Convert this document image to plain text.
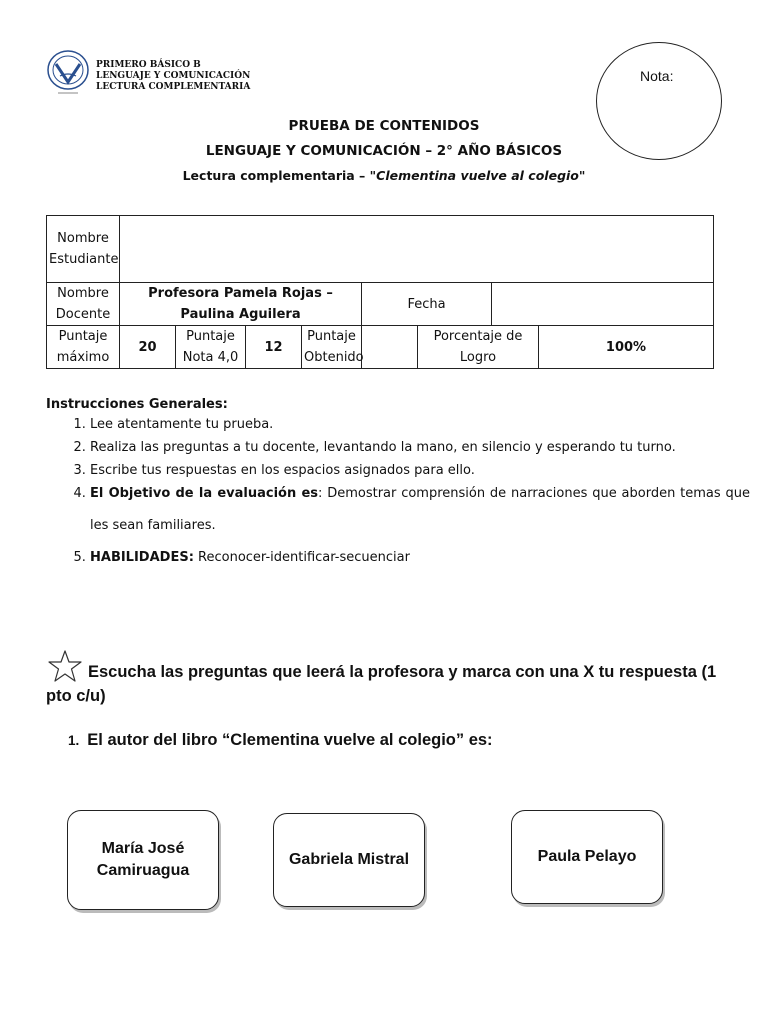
PRIMERO BÁSICO B
LENGUAJE Y COMUNICACIÓN
LECTURA COMPLEMENTARIA
Nota:
PRUEBA DE CONTENIDOS
LENGUAJE Y COMUNICACIÓN – 2° AÑO BÁSICOS
Lectura complementaria – "Clementina vuelve al colegio"
Nombre Estudiante								
Nombre Docente	Profesora Pamela Rojas – Paulina Aguilera				Fecha			
Puntaje máximo	20	Puntaje Nota 4,0	12	Puntaje Obtenido		Porcentaje de Logro		100%
Instrucciones Generales:
1. Lee atentamente tu prueba.
2. Realiza las preguntas a tu docente, levantando la mano, en silencio y esperando tu turno.
3. Escribe tus respuestas en los espacios asignados para ello.
4. El Objetivo de la evaluación es: Demostrar comprensión de narraciones que aborden temas que les sean familiares.
5. HABILIDADES: Reconocer-identificar-secuenciar
Escucha las preguntas que leerá la profesora y marca con una X tu respuesta (1 pto c/u)
1. El autor del libro “Clementina vuelve al colegio” es:
María José Camiruagua
Gabriela Mistral	Paula Pelayo
